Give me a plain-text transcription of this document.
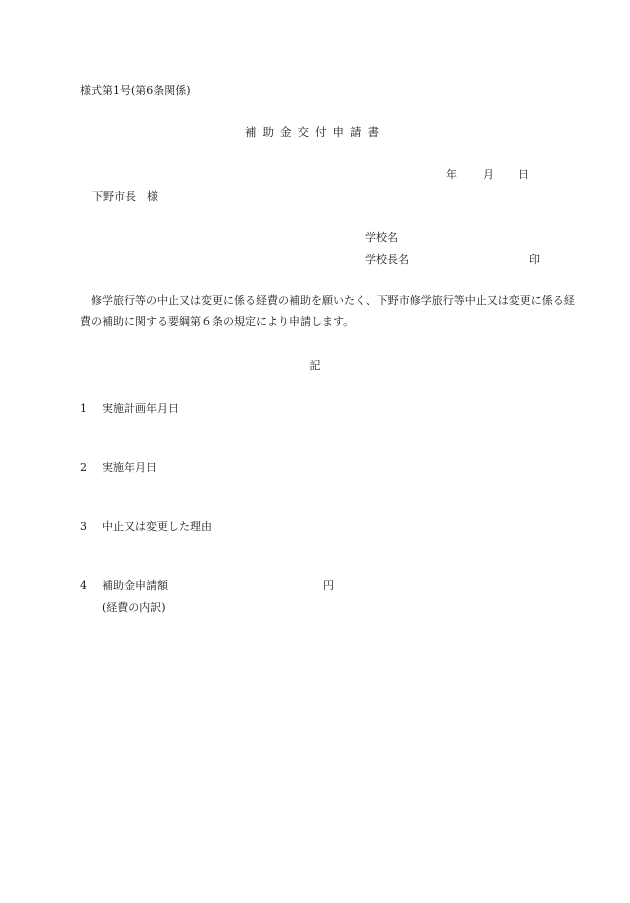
様式第1号(第6条関係)
補助金交付申請書
年 月 日
下野市長　様
学校名
学校長名	印
修学旅行等の中止又は変更に係る経費の補助を願いたく、下野市修学旅行等中止又は変更に係る経費の補助に関する要綱第６条の規定により申請します。
記
1 実施計画年月日
2 実施年月日
3 中止又は変更した理由
4 補助金申請額	円
(経費の内訳)
